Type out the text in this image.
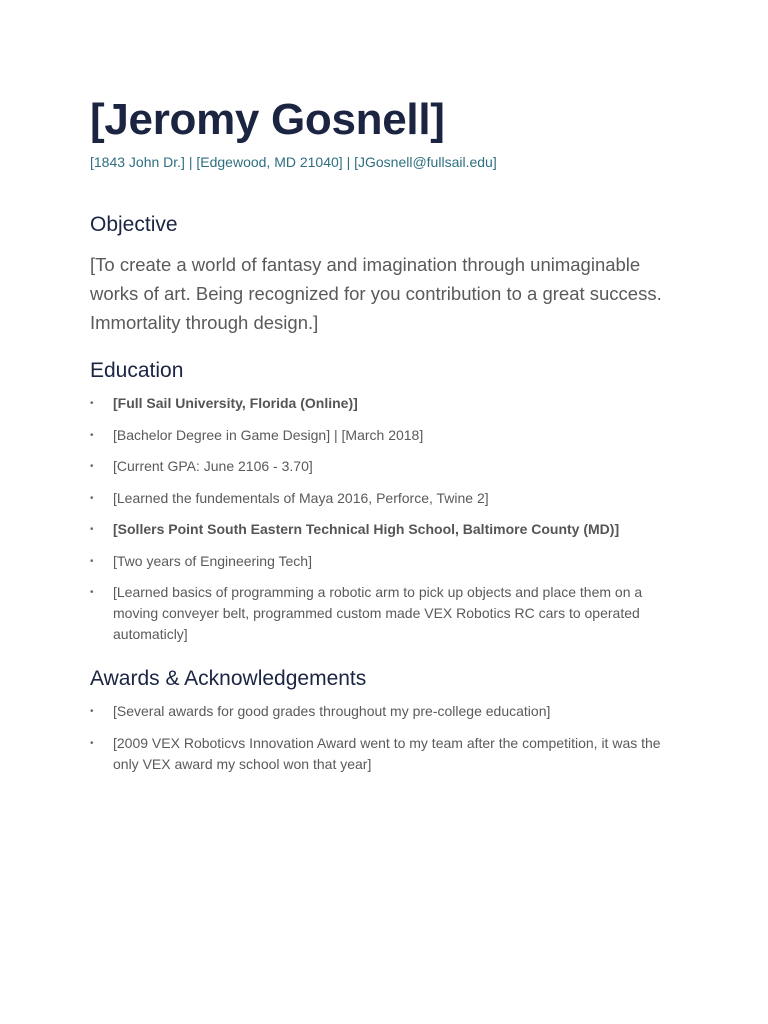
[Jeromy Gosnell]
[1843 John Dr.] | [Edgewood, MD 21040] | [JGosnell@fullsail.edu]
Objective
[To create a world of fantasy and imagination through unimaginable works of art. Being recognized for you contribution to a great success. Immortality through design.]
Education
• [Full Sail University, Florida (Online)]
• [Bachelor Degree in Game Design] | [March 2018]
• [Current GPA: June 2106 - 3.70]
• [Learned the fundementals of Maya 2016, Perforce, Twine 2]
• [Sollers Point South Eastern Technical High School, Baltimore County (MD)]
• [Two years of Engineering Tech]
• [Learned basics of programming a robotic arm to pick up objects and place them on a moving conveyer belt, programmed custom made VEX Robotics RC cars to operated automaticly]
Awards & Acknowledgements
• [Several awards for good grades throughout my pre-college education]
• [2009 VEX Roboticvs Innovation Award went to my team after the competition, it was the only VEX award my school won that year]
